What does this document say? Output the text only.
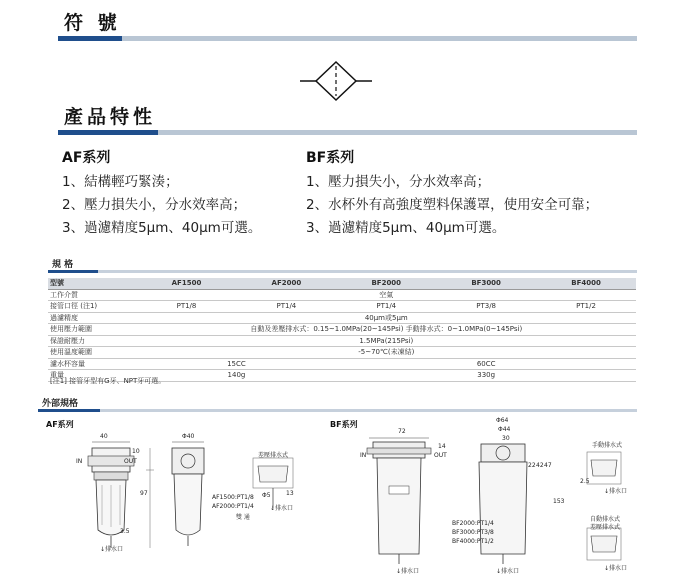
符 號
產品特性
AF系列
1、結構輕巧緊湊；
2、壓力損失小，分水效率高；
3、過濾精度5μm、40μm可選。
BF系列
1、壓力損失小，分水效率高；
2、水杯外有高強度塑料保護罩，使用安全可靠；
3、過濾精度5μm、40μm可選。
規 格
型號	AF1500	AF2000	BF2000	BF3000	BF4000
工作介質	空氣				
接管口徑 (注1)	PT1/8	PT1/4	PT1/4	PT3/8	PT1/2
過濾精度	40μm或5μm				
使用壓力範圍	自動及差壓排水式：0.15~1.0MPa(20~145Psi) 手動排水式：0~1.0MPa(0~145Psi)				
保證耐壓力	1.5MPa(215Psi)				
使用溫度範圍	-5~70℃(未凍結)				
濾水杯容量	15CC		60CC		
重量	140g		330g		
[注1] 接管牙型有G牙、NPT牙可選。
外部規格
AF系列
40	Φ40
IN	OUT
10
97
3.5
↓排水口
差壓排水式
Φ5	13
↓排水口
AF1500:PT1/8
AF2000:PT1/4
雙 通
BF系列
72
IN	OUT
14
Φ64
Φ44
30
22 42 47
153
↓排水口	↓排水口
手動排水式
2.5
↓排水口
自動排水式
差壓排水式
↓排水口
BF2000:PT1/4
BF3000:PT3/8
BF4000:PT1/2
